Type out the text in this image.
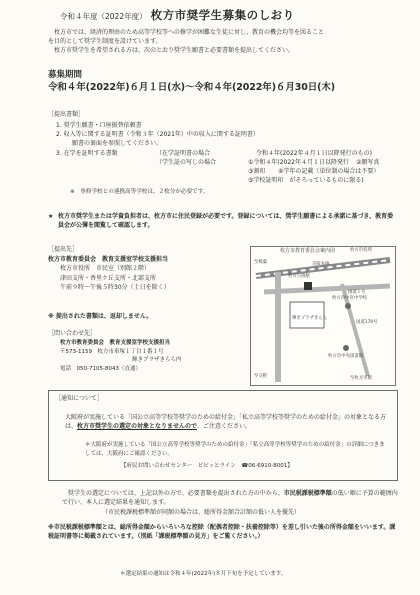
令和４年度（2022年度） 枚方市奨学生募集のしおり

枚方市では、経済的理由のため高等学校等への修学が困難な生徒に対し、教育の機会均等を図ること

を目的として奨学生制度を設けています。

枚方市奨学生を希望される方は、次のとおり奨学生願書と必要書類を提出してください。

募集期間
令和４年(2022年)６月１日(水)～令和４年(2022年)６月30日(木)
［提出書類］
1. 奨学生願書・口座振替依頼書
2. 収入等に関する証明書（令和３年（2021年）中の収入に関する証明書）
願書の裏面を参照してください。
3. 在学を証明する書類	（在学証明書の場合	令和４年(2022年４月１日以降発行のもの)
（学生証の写しの場合	①令和４年(2022年４月１日以降発行 ②顔写真
③割印 ④学年の記載（単位制の場合は不要）
⑤学校証明印　がそろっているものに限る)
※　専修学校との連携高等学校は、２枚分が必要です。
★ 枚方市奨学生または学資負担者は、枚方市に住民登録が必要です。登録については、奨学生願書による承諾に基づき、教育委員会が公簿を閲覧して確認します。
［提出先］
枚方市教育委員会　教育支援室学校支援担当
枚方市役所　市民室（別館２階）
津田支所・香里ケ丘支所・北部支所
午前９時～午後５時30分（土日を除く）
※ 提出された書類は、返却しません。
［問い合わせ先］
枚方市教育委員会　教育支援室学校支援担当
〒573-1159　枚方市車塚１丁目１番１号
輝きプラザきらら内
電話　050-7105-8043（直通）
枚方市教育委員会案内図
京阪本線
至樟葉
枚方市役所
国道１号
枚方公園駅
輝きプラザきらら
国道170号
至枚方市駅
至交野
枚方市中宮中学校
枚方市中央図書館
［通知について］
大阪府が実施している「国公立高等学校等奨学のための給付金」「私立高等学校等奨学のための給付金」の対象となる方は、枚方市奨学生の選定の対象となりませんので、ご注意ください。
＊大阪府が実施している「国公立高等学校等奨学のための給付金」「私立高等学校等奨学のための給付金」の詳細につきましては、大阪府にご確認ください。
【府民お問い合わせセンター　ピピッとライン　☎06-6910-8001】
奨学生の選定については、上記以外の方で、必要書類を提出された方の中から、市民税課税標準額の低い順に予算の範囲内で行い、本人に選定結果を通知します。
（市民税課税標準額が同額の場合は、総所得金額合計額の低い人を優先）
※市民税課税標準額とは、総所得金額からいろいろな控除（配偶者控除・扶養控除等）を差し引いた後の所得金額をいいます。課税証明書等に掲載されています。（別紙「課税標準額の見方」をご覧ください。）
＊選定結果の通知は令和４年(2022年)８月下旬を予定しています。
